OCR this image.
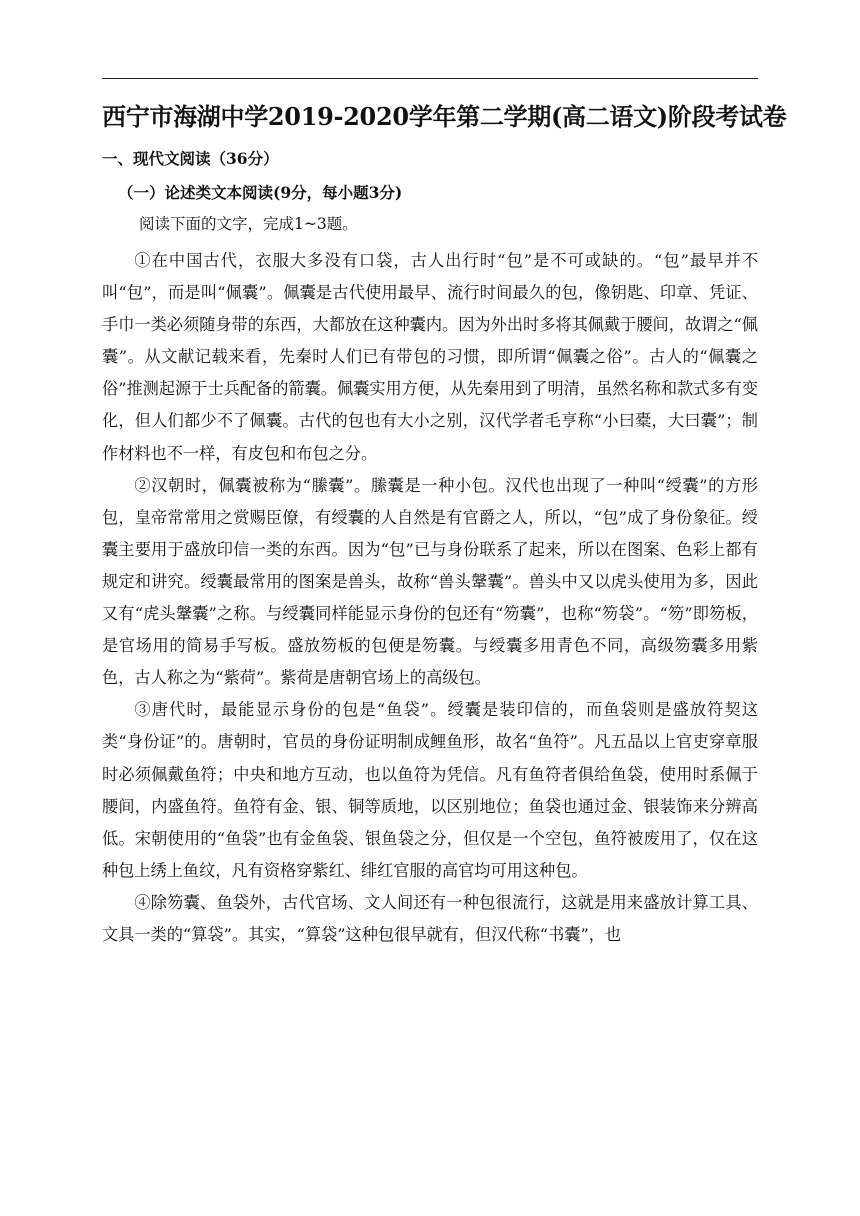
西宁市海湖中学2019-2020学年第二学期(高二语文)阶段考试卷
一、现代文阅读（36分）
（一）论述类文本阅读(9分，每小题3分)
阅读下面的文字，完成1~3题。

①在中国古代，衣服大多没有口袋，古人出行时“包”是不可或缺的。“包”最早并不叫“包”，而是叫“佩囊”。佩囊是古代使用最早、流行时间最久的包，像钥匙、印章、凭证、手巾一类必须随身带的东西，大都放在这种囊内。因为外出时多将其佩戴于腰间，故谓之“佩囊”。从文献记载来看，先秦时人们已有带包的习惯，即所谓“佩囊之俗”。古人的“佩囊之俗”推测起源于士兵配备的箭囊。佩囊实用方便，从先秦用到了明清，虽然名称和款式多有变化，但人们都少不了佩囊。古代的包也有大小之别，汉代学者毛亨称“小曰橐，大曰囊”；制作材料也不一样，有皮包和布包之分。

②汉朝时，佩囊被称为“縢囊”。縢囊是一种小包。汉代也出现了一种叫“绶囊”的方形包，皇帝常常用之赏赐臣僚，有绶囊的人自然是有官爵之人，所以，“包”成了身份象征。绶囊主要用于盛放印信一类的东西。因为“包”已与身份联系了起来，所以在图案、色彩上都有规定和讲究。绶囊最常用的图案是兽头，故称“兽头鞶囊”。兽头中又以虎头使用为多，因此又有“虎头鞶囊”之称。与绶囊同样能显示身份的包还有“笏囊”，也称“笏袋”。“笏”即笏板，是官场用的简易手写板。盛放笏板的包便是笏囊。与绶囊多用青色不同，高级笏囊多用紫色，古人称之为“紫荷”。紫荷是唐朝官场上的高级包。

③唐代时，最能显示身份的包是“鱼袋”。绶囊是装印信的，而鱼袋则是盛放符契这类“身份证”的。唐朝时，官员的身份证明制成鲤鱼形，故名“鱼符”。凡五品以上官吏穿章服时必须佩戴鱼符；中央和地方互动，也以鱼符为凭信。凡有鱼符者俱给鱼袋，使用时系佩于腰间，内盛鱼符。鱼符有金、银、铜等质地，以区别地位；鱼袋也通过金、银装饰来分辨高低。宋朝使用的“鱼袋”也有金鱼袋、银鱼袋之分，但仅是一个空包，鱼符被废用了，仅在这种包上绣上鱼纹，凡有资格穿紫红、绯红官服的高官均可用这种包。

④除笏囊、鱼袋外，古代官场、文人间还有一种包很流行，这就是用来盛放计算工具、文具一类的“算袋”。其实，“算袋”这种包很早就有，但汉代称“书囊”，也
